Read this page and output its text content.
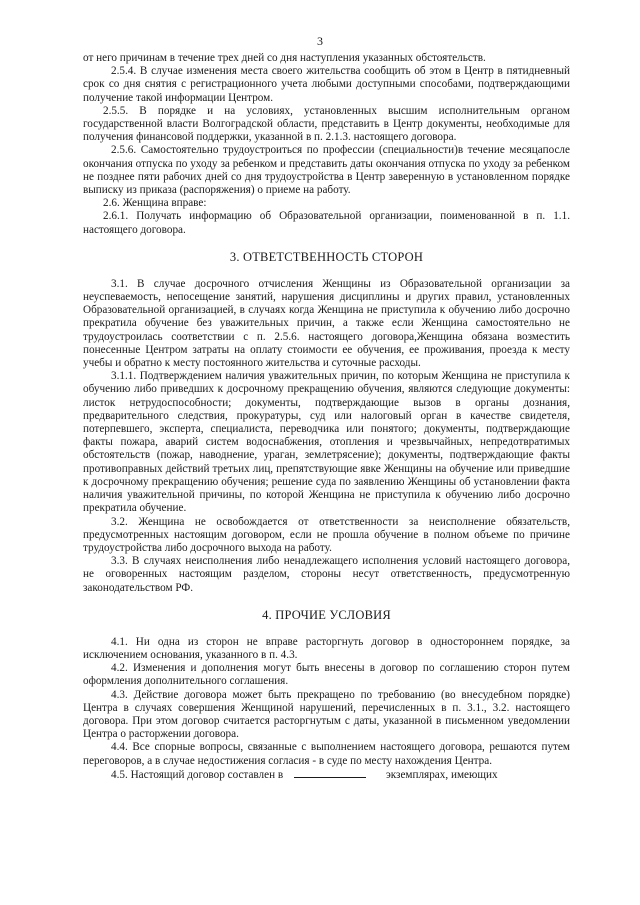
3

от него причинам в течение трех дней со дня наступления указанных обстоятельств.

2.5.4. В случае изменения места своего жительства сообщить об этом в Центр в пятидневный срок со дня снятия с регистрационного учета любыми доступными способами, подтверждающими получение такой информации Центром.

2.5.5. В порядке и на условиях, установленных высшим исполнительным органом государственной власти Волгоградской области, представить в Центр документы, необходимые для получения финансовой поддержки, указанной в п. 2.1.3. настоящего договора.

2.5.6. Самостоятельно трудоустроиться по профессии (специальности)в течение месяцапосле окончания отпуска по уходу за ребенком и представить даты окончания отпуска по уходу за ребенком не позднее пяти рабочих дней со дня трудоустройства в Центр заверенную в установленном порядке выписку из приказа (распоряжения) о приеме на работу.

2.6. Женщина вправе:

2.6.1. Получать информацию об Образовательной организации, поименованной в п. 1.1. настоящего договора.

3. ОТВЕТСТВЕННОСТЬ СТОРОН

3.1. В случае досрочного отчисления Женщины из Образовательной организации за неуспеваемость, непосещение занятий, нарушения дисциплины и других правил, установленных Образовательной организацией, в случаях когда Женщина не приступила к обучению либо досрочно прекратила обучение без уважительных причин, а также если Женщина самостоятельно не трудоустроилась соответствии с п. 2.5.6. настоящего договора,Женщина обязана возместить понесенные Центром затраты на оплату стоимости ее обучения, ее проживания, проезда к месту учебы и обратно к месту постоянного жительства и суточные расходы.

3.1.1. Подтверждением наличия уважительных причин, по которым Женщина не приступила к обучению либо приведших к досрочному прекращению обучения, являются следующие документы: листок нетрудоспособности; документы, подтверждающие вызов в органы дознания, предварительного следствия, прокуратуры, суд или налоговый орган в качестве свидетеля, потерпевшего, эксперта, специалиста, переводчика или понятого; документы, подтверждающие факты пожара, аварий систем водоснабжения, отопления и чрезвычайных, непредотвратимых обстоятельств (пожар, наводнение, ураган, землетрясение); документы, подтверждающие факты противоправных действий третьих лиц, препятствующие явке Женщины на обучение или приведшие к досрочному прекращению обучения; решение суда по заявлению Женщины об установлении факта наличия уважительной причины, по которой Женщина не приступила к обучению либо досрочно прекратила обучение.

3.2. Женщина не освобождается от ответственности за неисполнение обязательств, предусмотренных настоящим договором, если не прошла обучение в полном объеме по причине трудоустройства либо досрочного выхода на работу.

3.3. В случаях неисполнения либо ненадлежащего исполнения условий настоящего договора, не оговоренных настоящим разделом, стороны несут ответственность, предусмотренную законодательством РФ.

4. ПРОЧИЕ УСЛОВИЯ

4.1. Ни одна из сторон не вправе расторгнуть договор в одностороннем порядке, за исключением основания, указанного в п. 4.3.

4.2. Изменения и дополнения могут быть внесены в договор по соглашению сторон путем оформления дополнительного соглашения.

4.3. Действие договора может быть прекращено по требованию (во внесудебном порядке) Центра в случаях совершения Женщиной нарушений, перечисленных в п. 3.1., 3.2. настоящего договора. При этом договор считается расторгнутым с даты, указанной в письменном уведомлении Центра о расторжении договора.

4.4. Все спорные вопросы, связанные с выполнением настоящего договора, решаются путем переговоров, а в случае недостижения согласия - в суде по месту нахождения Центра.

4.5. Настоящий договор составлен в	экземплярах, имеющих
